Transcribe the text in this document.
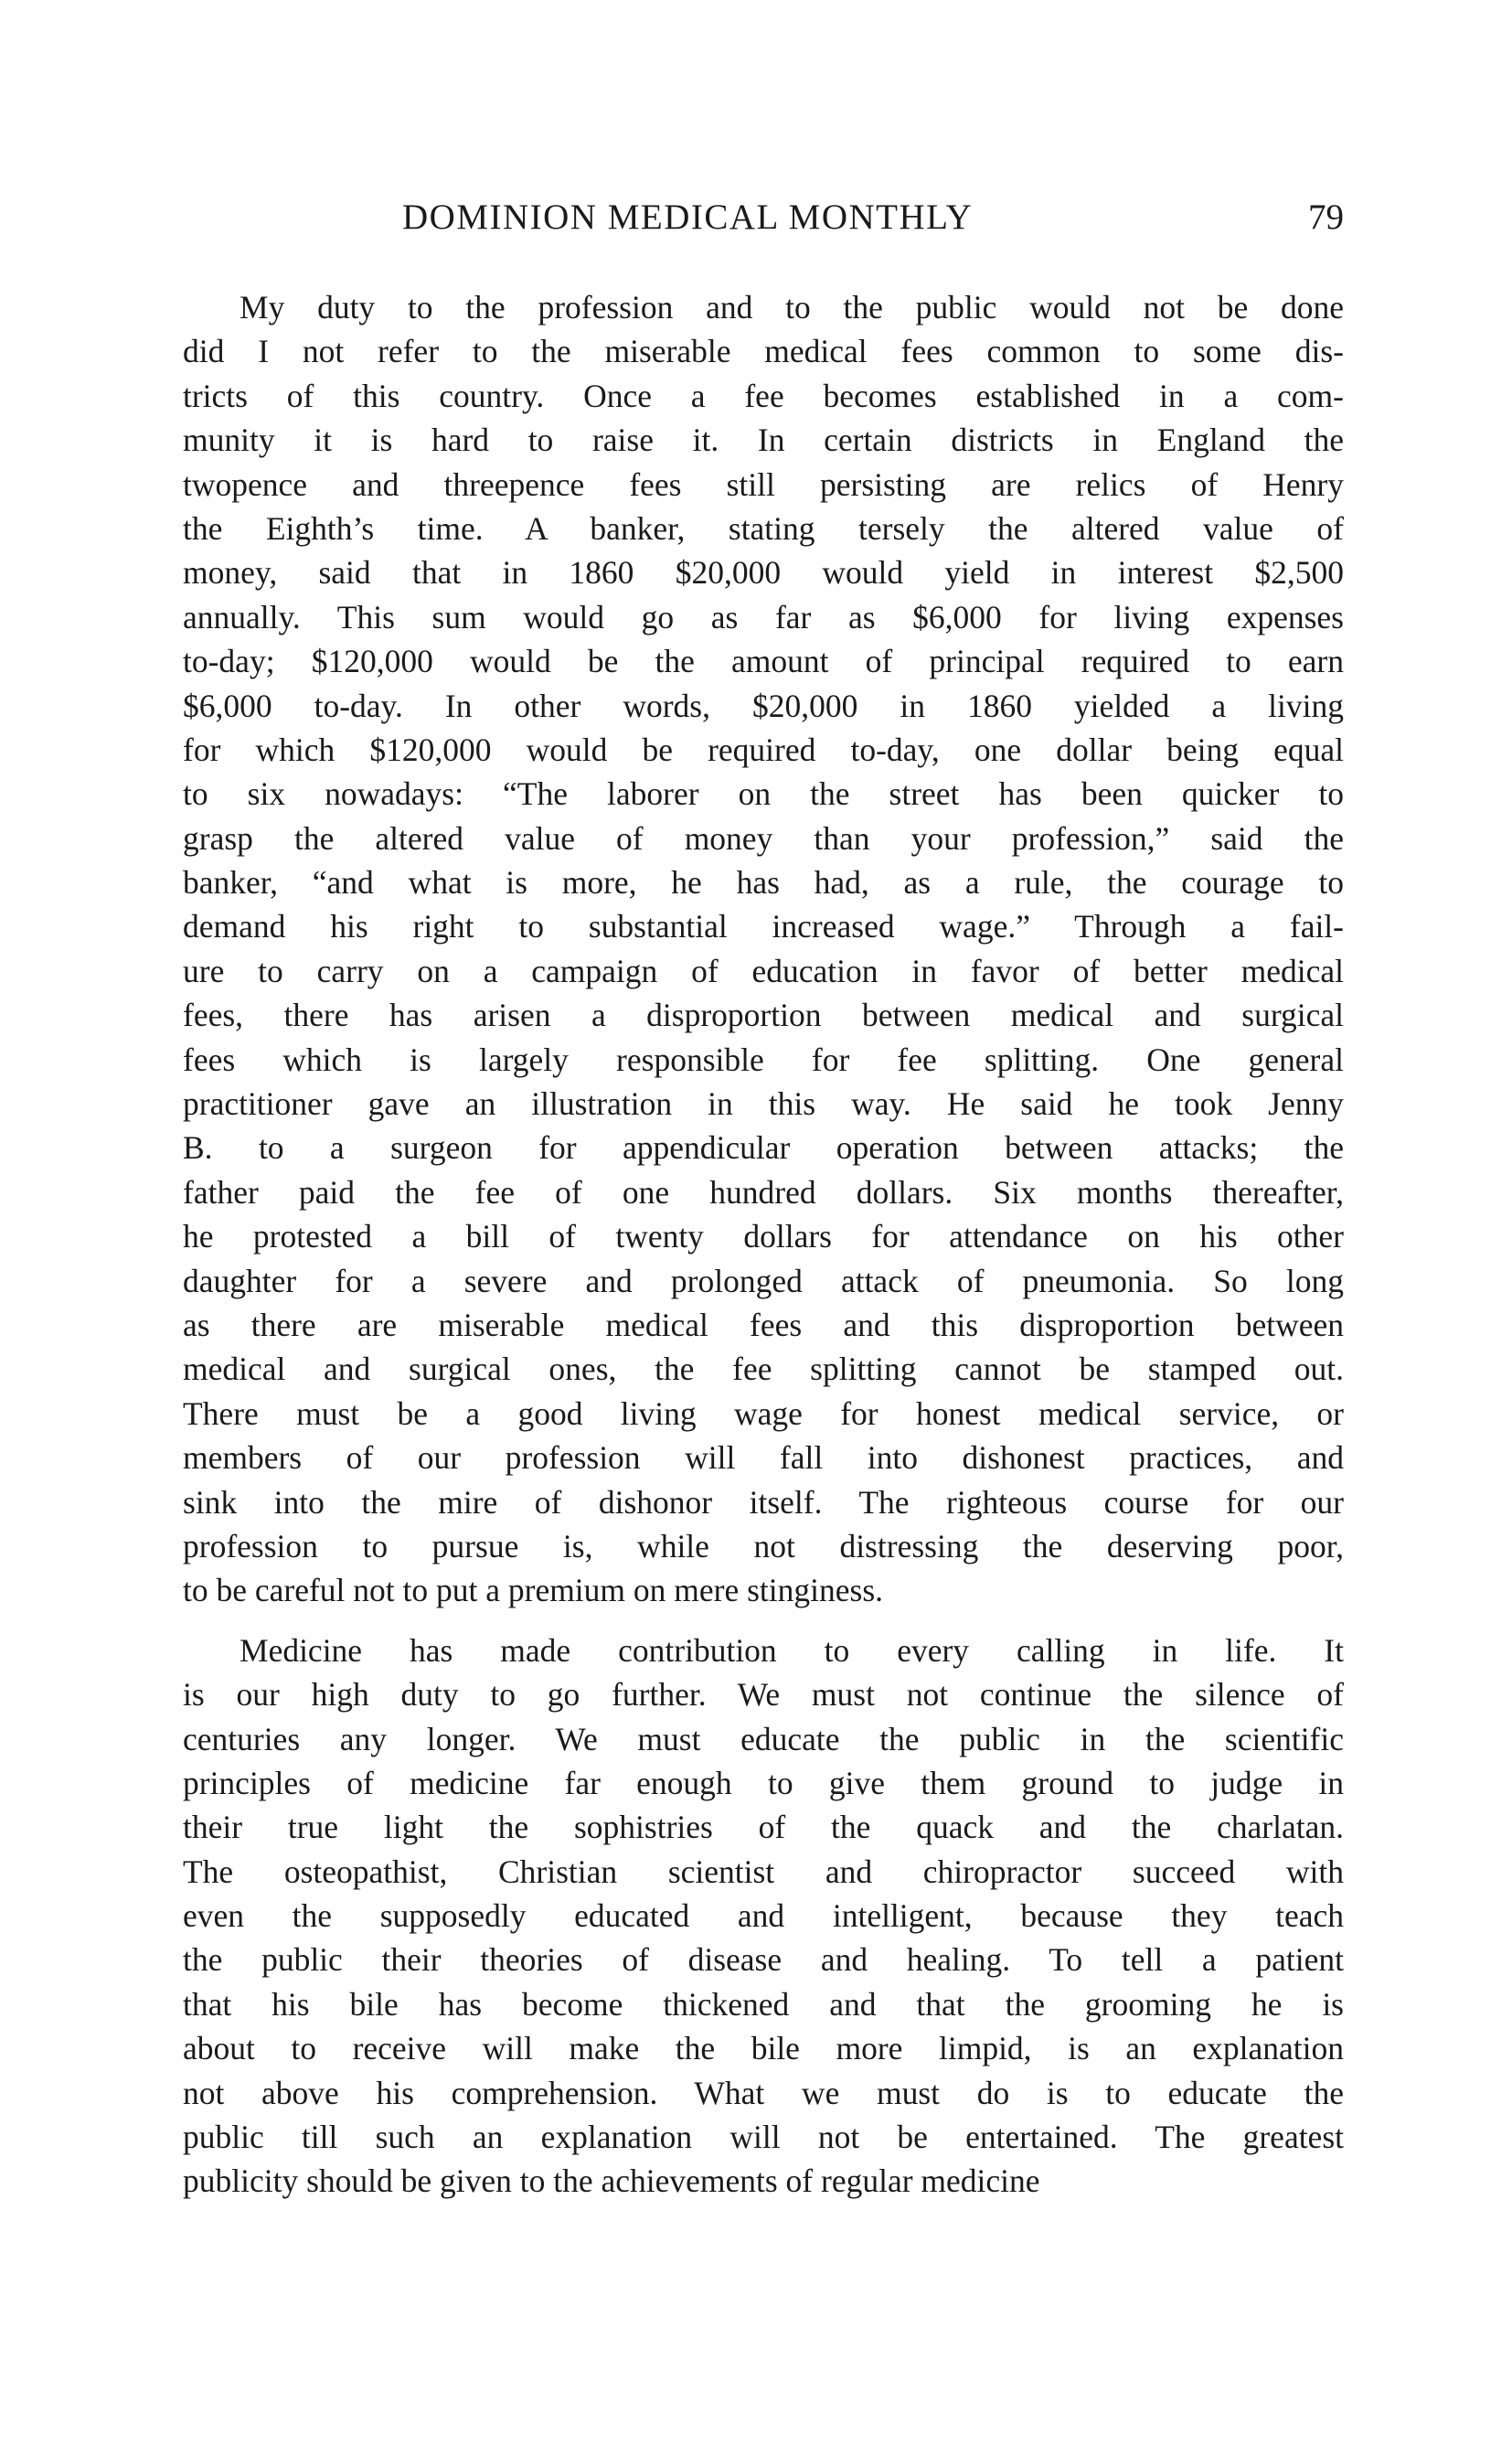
DOMINION MEDICAL MONTHLY	79

My duty to the profession and to the public would not be done
did I not refer to the miserable medical fees common to some dis-
tricts of this country. Once a fee becomes established in a com-
munity it is hard to raise it. In certain districts in England the
twopence and threepence fees still persisting are relics of Henry
the Eighth’s time. A banker, stating tersely the altered value of
money, said that in 1860 $20,000 would yield in interest $2,500
annually. This sum would go as far as $6,000 for living expenses
to-day; $120,000 would be the amount of principal required to earn
$6,000 to-day. In other words, $20,000 in 1860 yielded a living
for which $120,000 would be required to-day, one dollar being equal
to six nowadays: “The laborer on the street has been quicker to
grasp the altered value of money than your profession,” said the
banker, “and what is more, he has had, as a rule, the courage to
demand his right to substantial increased wage.” Through a fail-
ure to carry on a campaign of education in favor of better medical
fees, there has arisen a disproportion between medical and surgical
fees which is largely responsible for fee splitting. One general
practitioner gave an illustration in this way. He said he took Jenny
B. to a surgeon for appendicular operation between attacks; the
father paid the fee of one hundred dollars. Six months thereafter,
he protested a bill of twenty dollars for attendance on his other
daughter for a severe and prolonged attack of pneumonia. So long
as there are miserable medical fees and this disproportion between
medical and surgical ones, the fee splitting cannot be stamped out.
There must be a good living wage for honest medical service, or
members of our profession will fall into dishonest practices, and
sink into the mire of dishonor itself. The righteous course for our
profession to pursue is, while not distressing the deserving poor,
to be careful not to put a premium on mere stinginess.

Medicine has made contribution to every calling in life. It
is our high duty to go further. We must not continue the silence of
centuries any longer. We must educate the public in the scientific
principles of medicine far enough to give them ground to judge in
their true light the sophistries of the quack and the charlatan.
The osteopathist, Christian scientist and chiropractor succeed with
even the supposedly educated and intelligent, because they teach
the public their theories of disease and healing. To tell a patient
that his bile has become thickened and that the grooming he is
about to receive will make the bile more limpid, is an explanation
not above his comprehension. What we must do is to educate the
public till such an explanation will not be entertained. The greatest
publicity should be given to the achievements of regular medicine
